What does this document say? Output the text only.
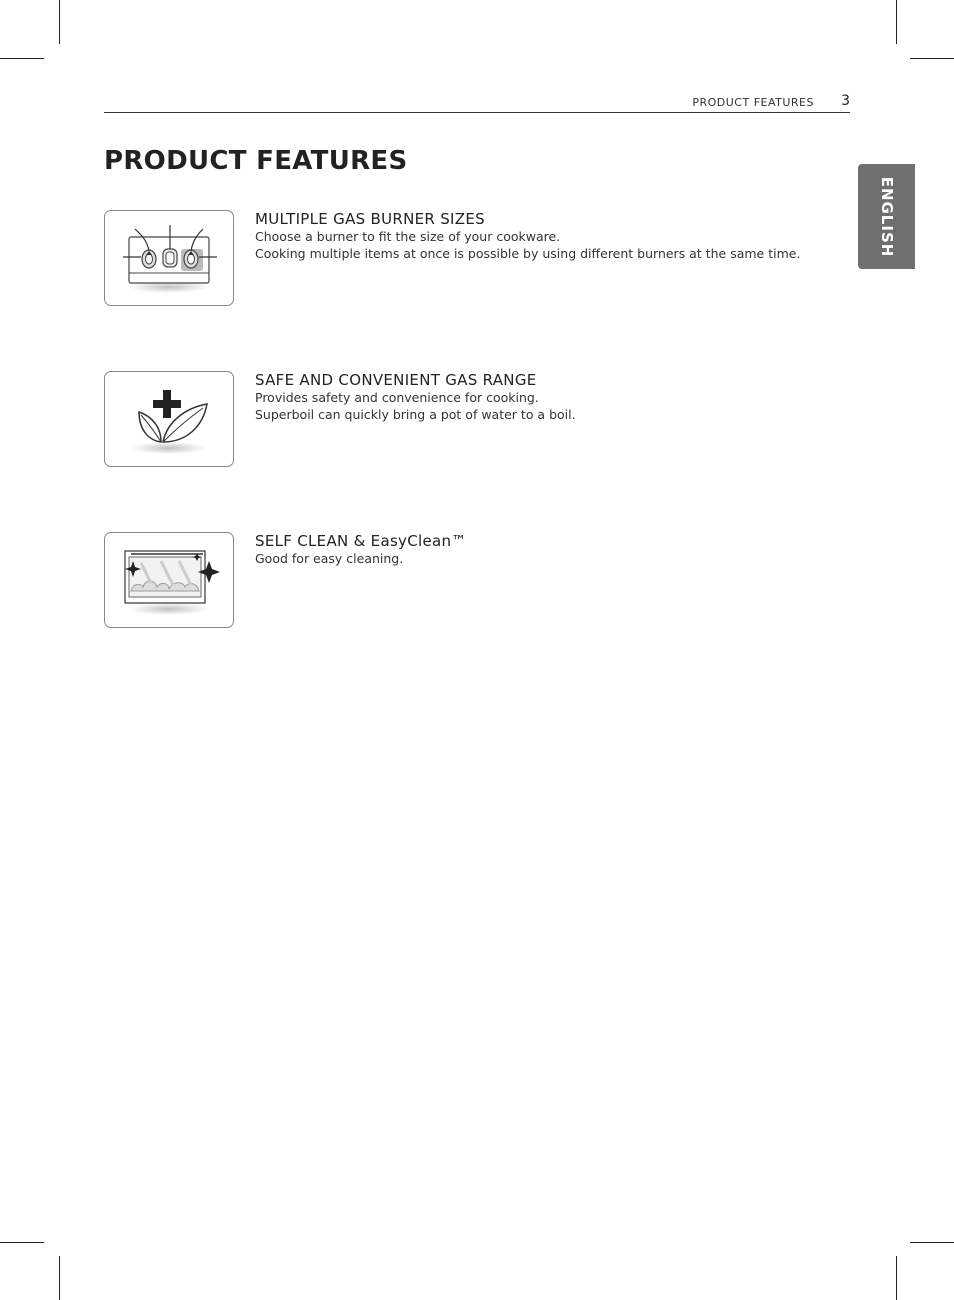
PRODUCT FEATURES 3
ENGLISH
PRODUCT FEATURES
MULTIPLE GAS BURNER SIZES

Choose a burner to fit the size of your cookware.

Cooking multiple items at once is possible by using different burners at the same time.

SAFE AND CONVENIENT GAS RANGE

Provides safety and convenience for cooking.

Superboil can quickly bring a pot of water to a boil.

SELF CLEAN & EasyClean™

Good for easy cleaning.
